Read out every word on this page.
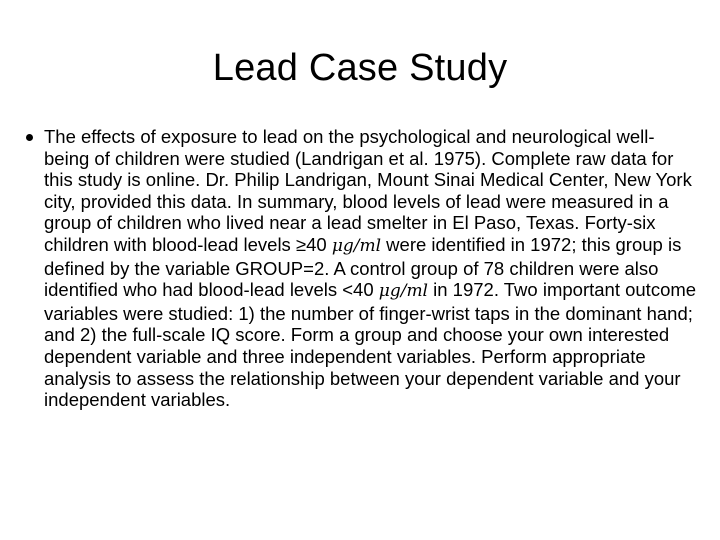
Lead Case Study

The effects of exposure to lead on the psychological and neurological well-being of children were studied (Landrigan et al. 1975). Complete raw data for this study is online. Dr. Philip Landrigan, Mount Sinai Medical Center, New York city, provided this data. In summary, blood levels of lead were measured in a group of children who lived near a lead smelter in El Paso, Texas. Forty-six children with blood-lead levels ≥40 μg/ml were identified in 1972; this group is defined by the variable GROUP=2. A control group of 78 children were also identified who had blood-lead levels <40 μg/ml in 1972. Two important outcome variables were studied: 1) the number of finger-wrist taps in the dominant hand; and 2) the full-scale IQ score. Form a group and choose your own interested dependent variable and three independent variables. Perform appropriate analysis to assess the relationship between your dependent variable and your independent variables.
